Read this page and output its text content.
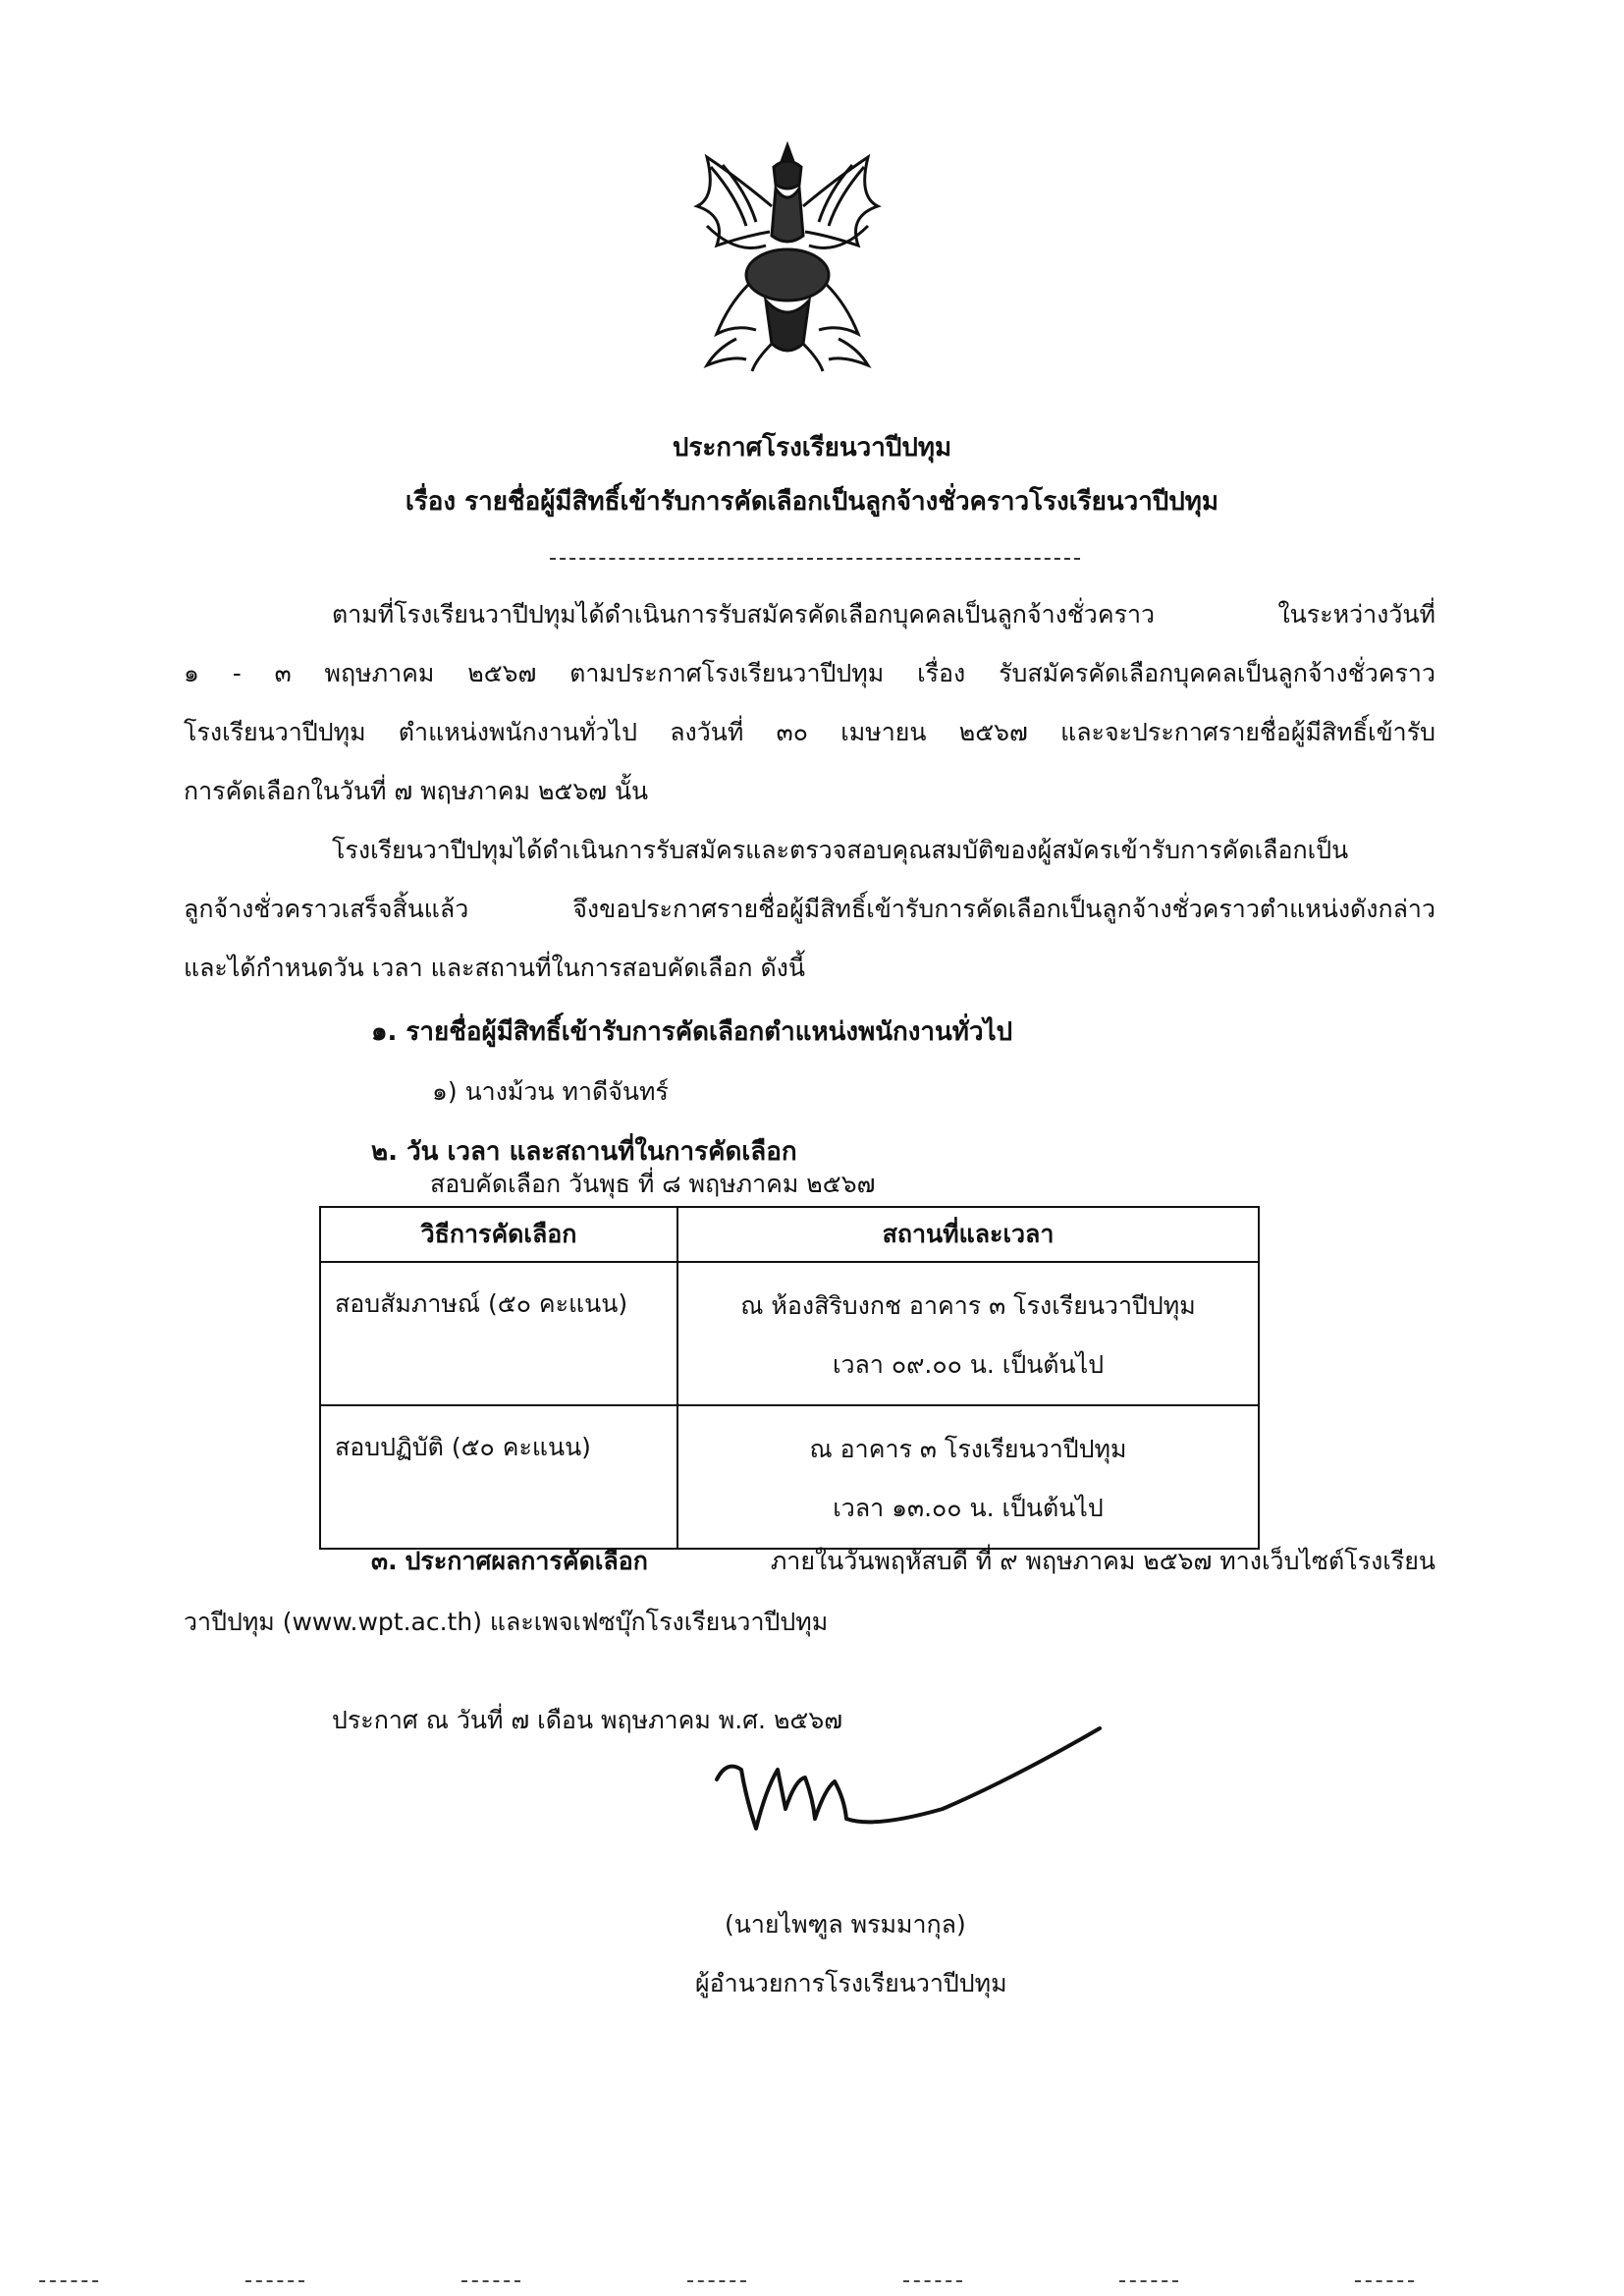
ประกาศโรงเรียนวาปีปทุม
เรื่อง รายชื่อผู้มีสิทธิ์เข้ารับการคัดเลือกเป็นลูกจ้างชั่วคราวโรงเรียนวาปีปทุม
ตามที่โรงเรียนวาปีปทุมได้ดำเนินการรับสมัครคัดเลือกบุคคลเป็นลูกจ้างชั่วคราว ในระหว่างวันที่
๑ - ๓ พฤษภาคม ๒๕๖๗ ตามประกาศโรงเรียนวาปีปทุม เรื่อง รับสมัครคัดเลือกบุคคลเป็นลูกจ้างชั่วคราว
โรงเรียนวาปีปทุม ตำแหน่งพนักงานทั่วไป ลงวันที่ ๓๐ เมษายน ๒๕๖๗ และจะประกาศรายชื่อผู้มีสิทธิ์เข้ารับ
การคัดเลือกในวันที่ ๗ พฤษภาคม ๒๕๖๗ นั้น
โรงเรียนวาปีปทุมได้ดำเนินการรับสมัครและตรวจสอบคุณสมบัติของผู้สมัครเข้ารับการคัดเลือกเป็น
ลูกจ้างชั่วคราวเสร็จสิ้นแล้ว จึงขอประกาศรายชื่อผู้มีสิทธิ์เข้ารับการคัดเลือกเป็นลูกจ้างชั่วคราวตำแหน่งดังกล่าว
และได้กำหนดวัน เวลา และสถานที่ในการสอบคัดเลือก ดังนี้
๑. รายชื่อผู้มีสิทธิ์เข้ารับการคัดเลือกตำแหน่งพนักงานทั่วไป
๑) นางม้วน ทาดีจันทร์
๒. วัน เวลา และสถานที่ในการคัดเลือก
สอบคัดเลือก วันพุธ ที่ ๘ พฤษภาคม ๒๕๖๗
วิธีการคัดเลือก	สถานที่และเวลา
สอบสัมภาษณ์ (๕๐ คะแนน)	ณ ห้องสิริบงกช อาคาร ๓ โรงเรียนวาปีปทุม
เวลา ๐๙.๐๐ น. เป็นต้นไป

สอบปฏิบัติ (๕๐ คะแนน)	ณ อาคาร ๓ โรงเรียนวาปีปทุม
เวลา ๑๓.๐๐ น. เป็นต้นไป
๓. ประกาศผลการคัดเลือก	ภายในวันพฤหัสบดี ที่ ๙ พฤษภาคม ๒๕๖๗ ทางเว็บไซต์โรงเรียน
วาปีปทุม (www.wpt.ac.th) และเพจเฟซบุ๊กโรงเรียนวาปีปทุม
ประกาศ ณ วันที่ ๗ เดือน พฤษภาคม พ.ศ. ๒๕๖๗
(นายไพฑูล พรมมากุล)
ผู้อำนวยการโรงเรียนวาปีปทุม
